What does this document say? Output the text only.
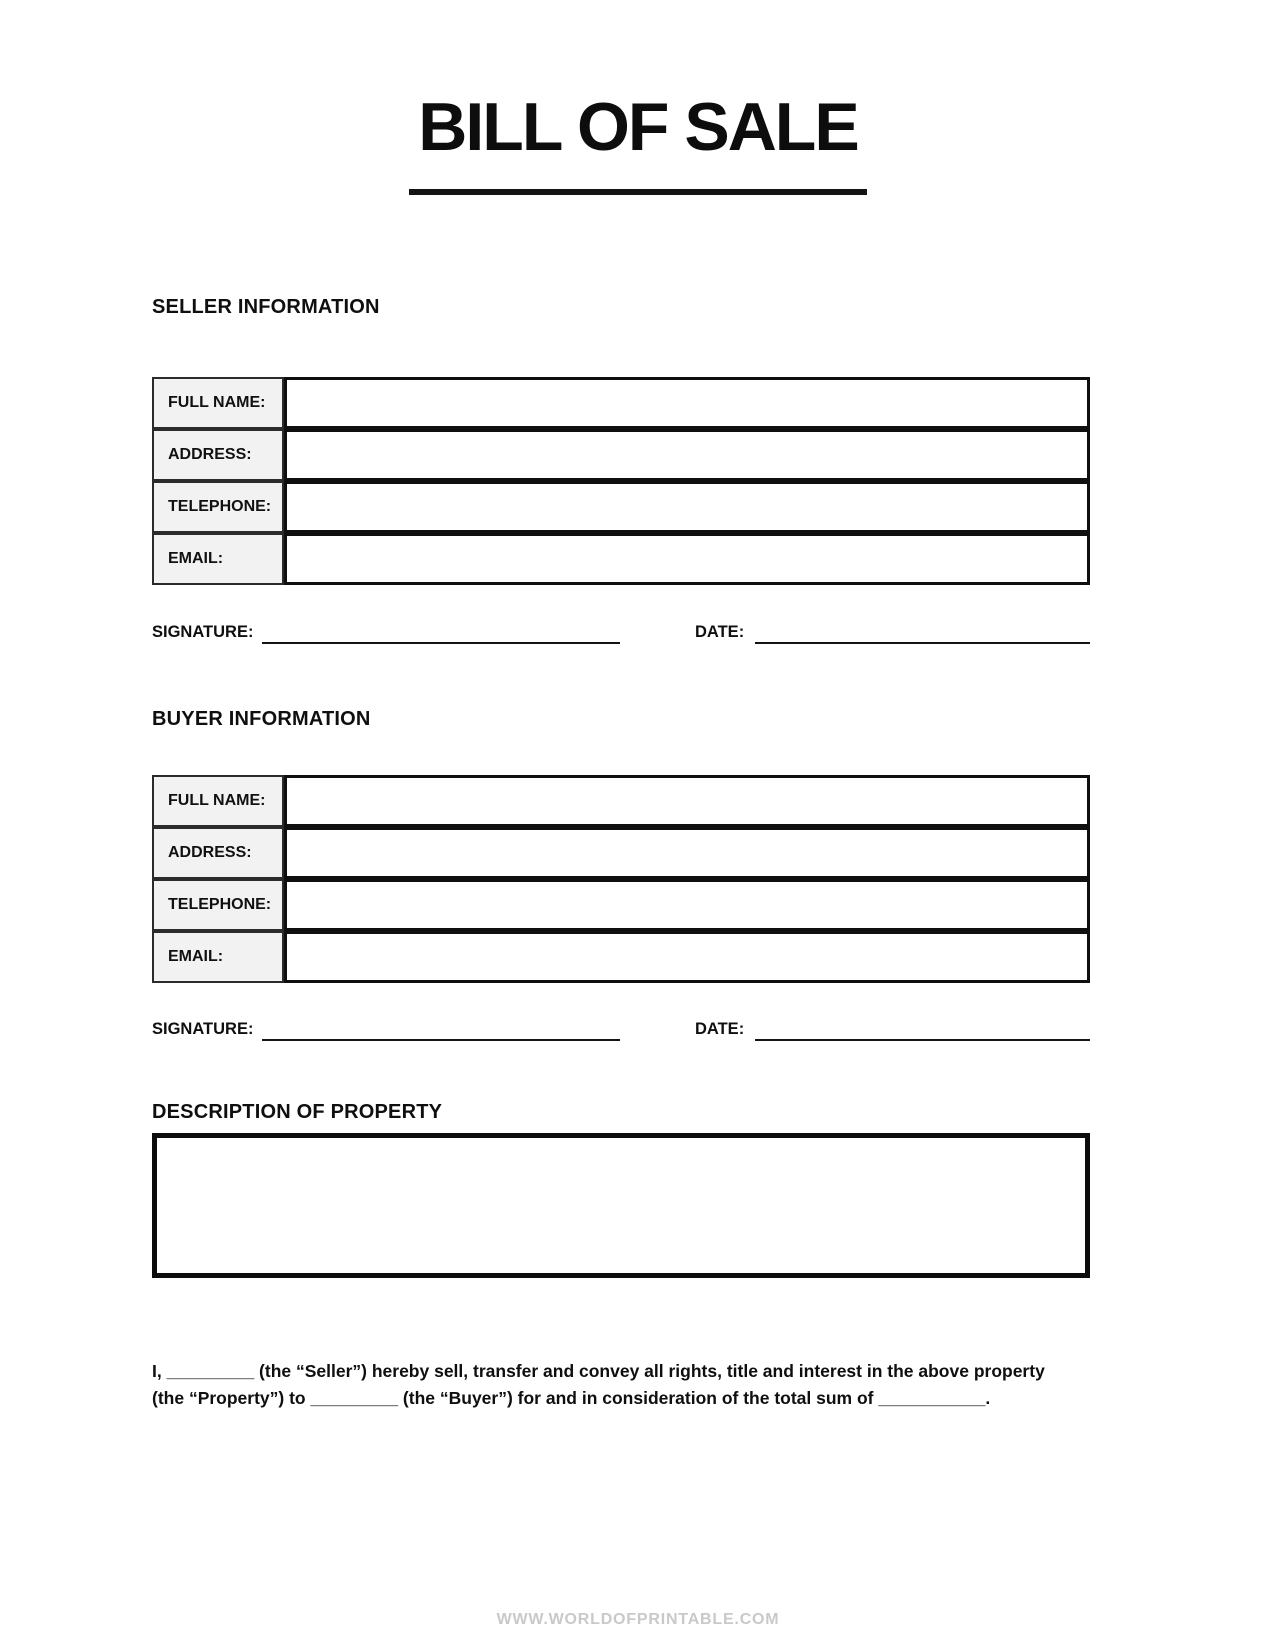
BILL OF SALE
SELLER INFORMATION
FULL NAME:
ADDRESS:
TELEPHONE:
EMAIL:
SIGNATURE:	DATE:
BUYER INFORMATION
FULL NAME:
ADDRESS:
TELEPHONE:
EMAIL:
SIGNATURE:	DATE:
DESCRIPTION OF PROPERTY
I, _________ (the “Seller”) hereby sell, transfer and convey all rights, title and interest in the above property
(the “Property”) to _________ (the “Buyer”) for and in consideration of the total sum of ___________.
WWW.WORLDOFPRINTABLE.COM
